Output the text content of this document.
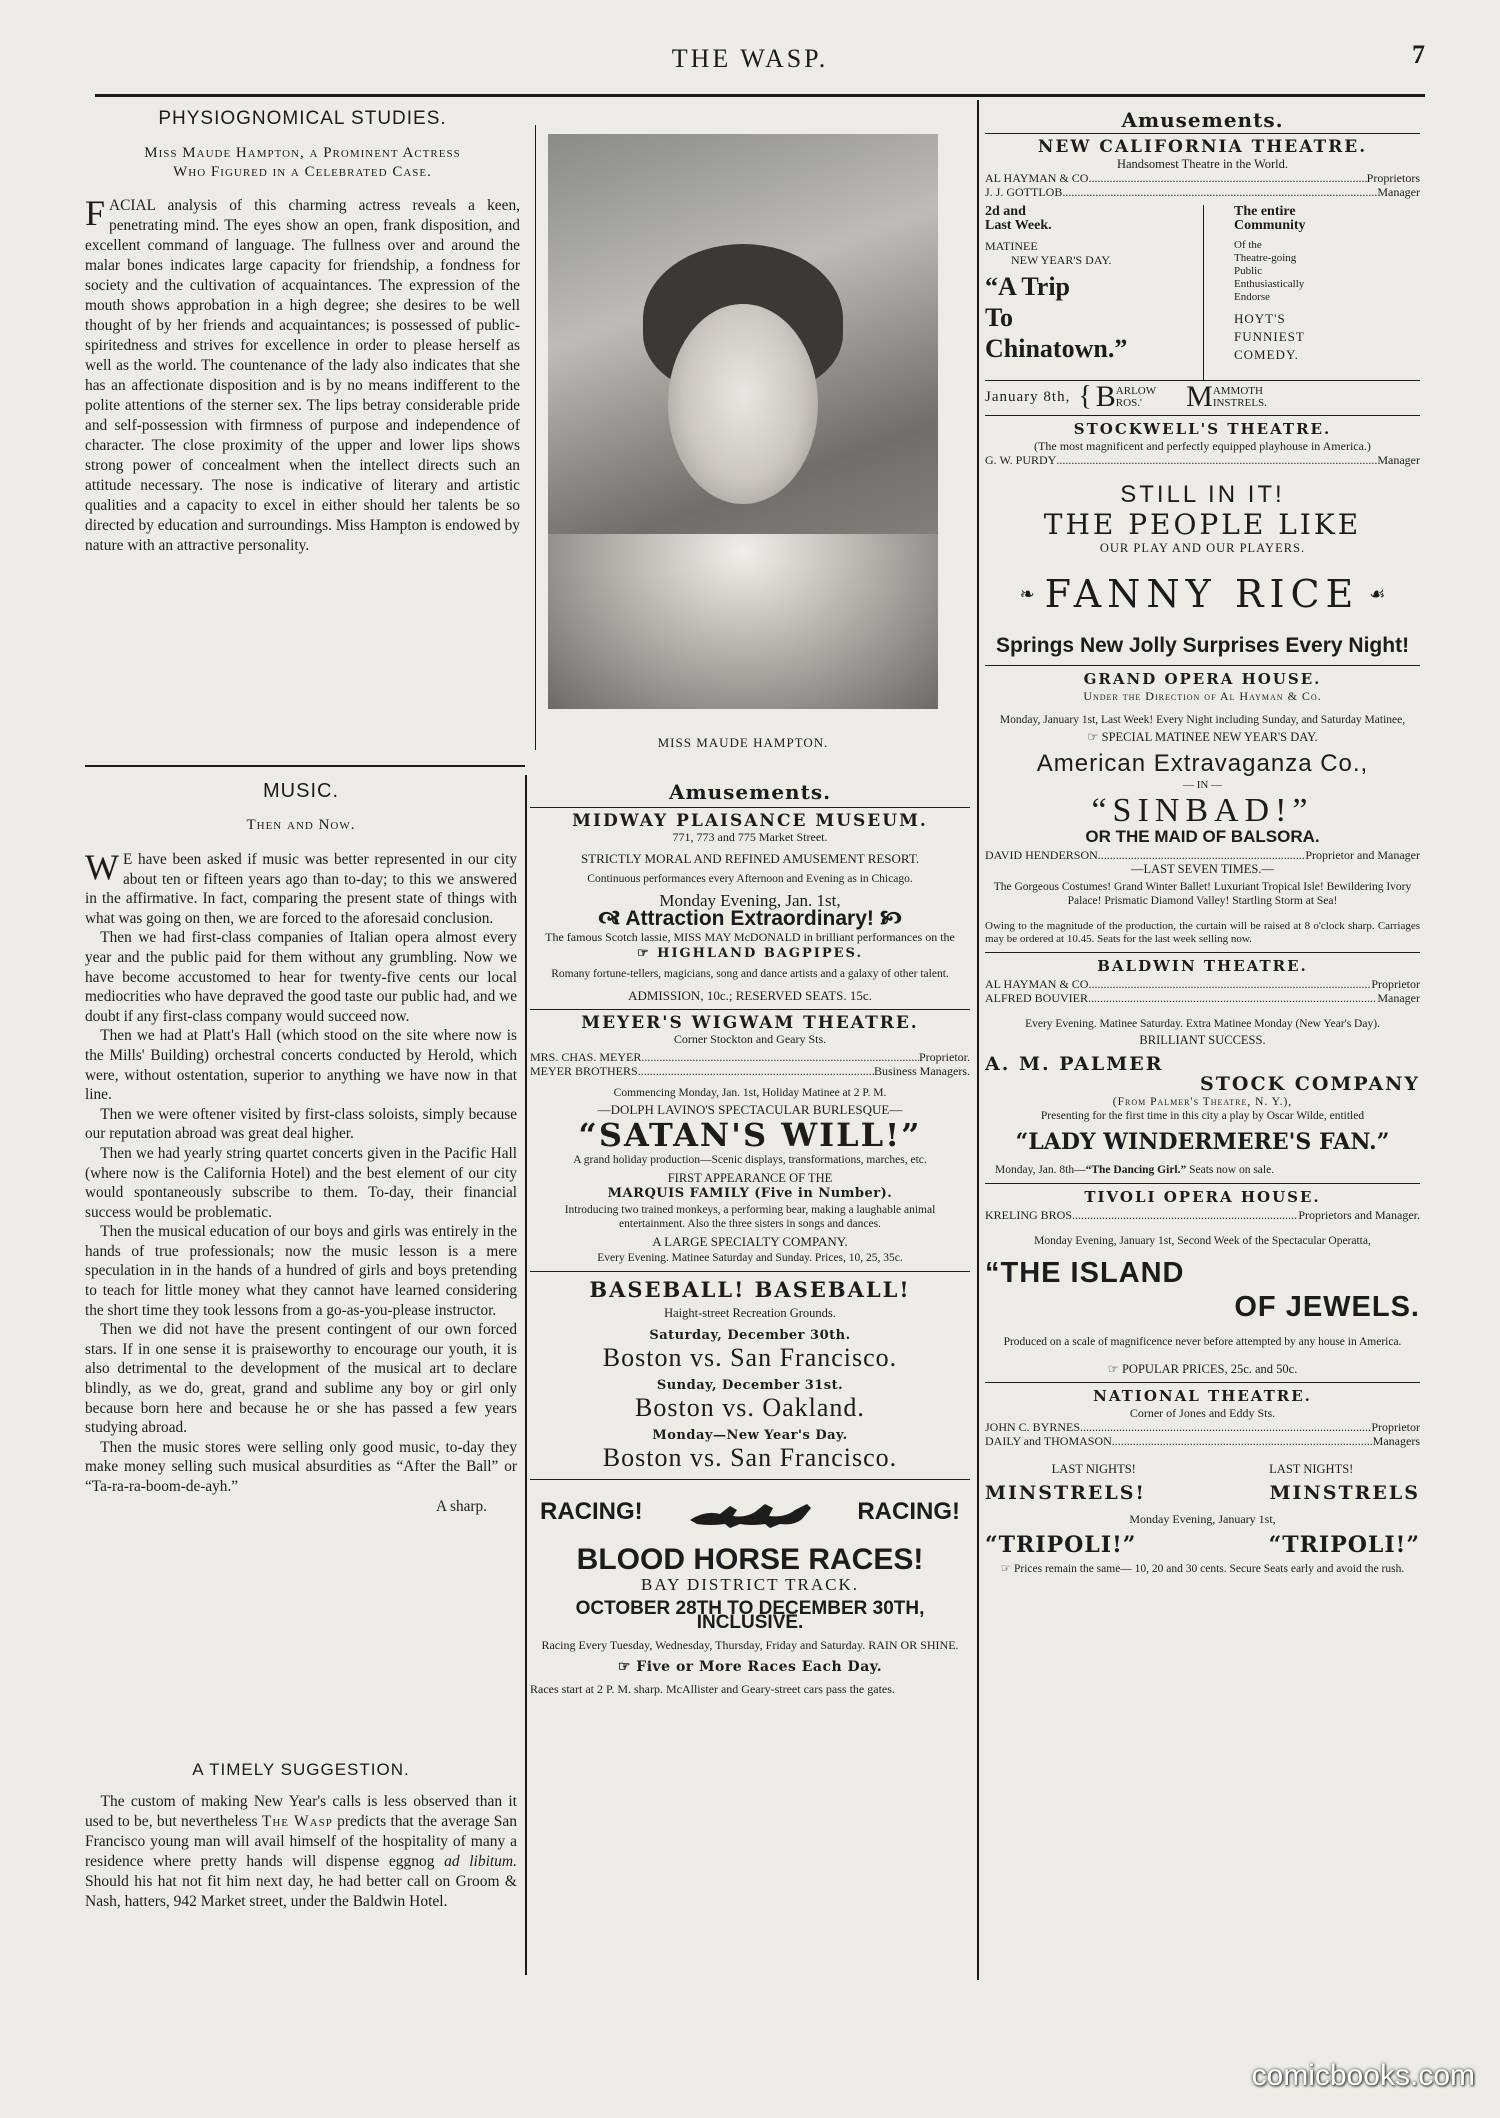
THE WASP.	7
PHYSIOGNOMICAL STUDIES.
Miss Maude Hampton, a Prominent Actress
Who Figured in a Celebrated Case.

FACIAL analysis of this charming actress reveals a keen, penetrating mind. The eyes show an open, frank disposition, and excellent command of language. The fullness over and around the malar bones indicates large capacity for friendship, a fondness for society and the cultivation of acquaintances. The expression of the mouth shows approbation in a high degree; she desires to be well thought of by her friends and acquaintances; is possessed of public-spiritedness and strives for excellence in order to please herself as well as the world. The countenance of the lady also indicates that she has an affectionate disposition and is by no means indifferent to the polite attentions of the sterner sex. The lips betray considerable pride and self-possession with firmness of purpose and independence of character. The close proximity of the upper and lower lips shows strong power of concealment when the intellect directs such an attitude necessary. The nose is indicative of literary and artistic qualities and a capacity to excel in either should her talents be so directed by education and surroundings. Miss Hampton is endowed by nature with an attractive personality.

MISS MAUDE HAMPTON.
MUSIC.
Then and Now.

W E have been asked if music was better represented in our city about ten or fifteen years ago than to-day; to this we answered in the affirmative. In fact, comparing the present state of things with what was going on then, we are forced to the aforesaid conclusion.

Then we had first-class companies of Italian opera almost every year and the public paid for them without any grumbling. Now we have become accustomed to hear for twenty-five cents our local mediocrities who have depraved the good taste our public had, and we doubt if any first-class company would succeed now.

Then we had at Platt's Hall (which stood on the site where now is the Mills' Building) orchestral concerts conducted by Herold, which were, without ostentation, superior to anything we have now in that line.

Then we were oftener visited by first-class soloists, simply because our reputation abroad was great deal higher.

Then we had yearly string quartet concerts given in the Pacific Hall (where now is the California Hotel) and the best element of our city would spontaneously subscribe to them. To-day, their financial success would be problematic.

Then the musical education of our boys and girls was entirely in the hands of true professionals; now the music lesson is a mere speculation in in the hands of a hundred of girls and boys pretending to teach for little money what they cannot have learned considering the short time they took lessons from a go-as-you-please instructor.

Then we did not have the present contingent of our own forced stars. If in one sense it is praiseworthy to encourage our youth, it is also detrimental to the development of the musical art to declare blindly, as we do, great, grand and sublime any boy or girl only because born here and because he or she has passed a few years studying abroad.

Then the music stores were selling only good music, to-day they make money selling such musical absurdities as “After the Ball” or “Ta-ra-ra-boom-de-ayh.”

A sharp.

A TIMELY SUGGESTION.

The custom of making New Year's calls is less observed than it used to be, but nevertheless The Wasp predicts that the average San Francisco young man will avail himself of the hospitality of many a residence where pretty hands will dispense eggnog ad libitum. Should his hat not fit him next day, he had better call on Groom & Nash, hatters, 942 Market street, under the Baldwin Hotel.

Amusements.
MIDWAY PLAISANCE MUSEUM.
771, 773 and 775 Market Street.
STRICTLY MORAL AND REFINED AMUSEMENT RESORT.
Continuous performances every Afternoon and Evening as in Chicago.
Monday Evening, Jan. 1st,
🙧 Attraction Extraordinary! 🙥
The famous Scotch lassie, MISS MAY McDONALD in brilliant performances on the
☞ HIGHLAND BAGPIPES.
Romany fortune-tellers, magicians, song and dance artists and a galaxy of other talent.
ADMISSION, 10c.; RESERVED SEATS. 15c.
MEYER'S WIGWAM THEATRE.
Corner Stockton and Geary Sts.
MRS. CHAS. MEYER .....	Proprietor.
MEYER BROTHERS .....	Business Managers.
Commencing Monday, Jan. 1st, Holiday Matinee at 2 P. M.
—DOLPH LAVINO'S SPECTACULAR BURLESQUE—
“SATAN'S WILL!”
A grand holiday production—Scenic displays, transformations, marches, etc.
FIRST APPEARANCE OF THE
MARQUIS FAMILY (Five in Number).
Introducing two trained monkeys, a performing bear, making a laughable animal entertainment. Also the three sisters in songs and dances.
A LARGE SPECIALTY COMPANY.
Every Evening. Matinee Saturday and Sunday. Prices, 10, 25, 35c.
BASEBALL! BASEBALL!
Haight-street Recreation Grounds.
Saturday, December 30th.
Boston vs. San Francisco.
Sunday, December 31st.
Boston vs. Oakland.
Monday—New Year's Day.
Boston vs. San Francisco.
RACING!	RACING!
BLOOD HORSE RACES!
BAY DISTRICT TRACK.
OCTOBER 28TH TO DECEMBER 30TH, INCLUSIVE.
Racing Every Tuesday, Wednesday, Thursday, Friday and Saturday. RAIN OR SHINE.
☞ Five or More Races Each Day.
Races start at 2 P. M. sharp. McAllister and Geary-street cars pass the gates.
Amusements.
NEW CALIFORNIA THEATRE.
Handsomest Theatre in the World.
AL HAYMAN & CO .....	Proprietors
J. J. GOTTLOB .....	Manager
2d and
Last Week.
MATINEE
NEW YEAR'S DAY.
“A Trip
To
Chinatown.”
The entire
Community
Of the
Theatre-going
Public
Enthusiastically
Endorse
HOYT'S
FUNNIEST
COMEDY.
January 8th, { B ARLOW
ROS.'	M AMMOTH
INSTRELS.
STOCKWELL'S THEATRE.
(The most magnificent and perfectly equipped playhouse in America.)
G. W. PURDY .....	Manager
STILL IN IT!
THE PEOPLE LIKE
OUR PLAY AND OUR PLAYERS.
❧ FANNY RICE ☙
Springs New Jolly Surprises Every Night!
GRAND OPERA HOUSE.
Under the Direction of Al Hayman & Co.
Monday, January 1st, Last Week! Every Night including Sunday, and Saturday Matinee,
☞ SPECIAL MATINEE NEW YEAR'S DAY.
American Extravaganza Co.,
— IN —
“SINBAD!”
OR THE MAID OF BALSORA.
DAVID HENDERSON .....	Proprietor and Manager
—LAST SEVEN TIMES.—
The Gorgeous Costumes! Grand Winter Ballet! Luxuriant Tropical Isle! Bewildering Ivory Palace! Prismatic Diamond Valley! Startling Storm at Sea!
Owing to the magnitude of the production, the curtain will be raised at 8 o'clock sharp. Carriages may be ordered at 10.45. Seats for the last week selling now.
BALDWIN THEATRE.
AL HAYMAN & CO .....	Proprietor
ALFRED BOUVIER .....	Manager
Every Evening. Matinee Saturday. Extra Matinee Monday (New Year's Day).
BRILLIANT SUCCESS.
A. M. PALMER
STOCK COMPANY
(From Palmer's Theatre, N. Y.),
Presenting for the first time in this city a play by Oscar Wilde, entitled
“LADY WINDERMERE'S FAN.”
Monday, Jan. 8th—“The Dancing Girl.” Seats now on sale.
TIVOLI OPERA HOUSE.
KRELING BROS .....	Proprietors and Manager.
Monday Evening, January 1st, Second Week of the Spectacular Operatta,
“THE ISLAND
OF JEWELS.
Produced on a scale of magnificence never before attempted by any house in America.
☞ POPULAR PRICES, 25c. and 50c.
NATIONAL THEATRE.
Corner of Jones and Eddy Sts.
JOHN C. BYRNES .....	Proprietor
DAILY and THOMASON .....	Managers
LAST NIGHTS!	LAST NIGHTS!
MINSTRELS!	MINSTRELS
Monday Evening, January 1st,
“TRIPOLI!”	“TRIPOLI!”
☞ Prices remain the same— 10, 20 and 30 cents. Secure Seats early and avoid the rush.
comicbooks.com
